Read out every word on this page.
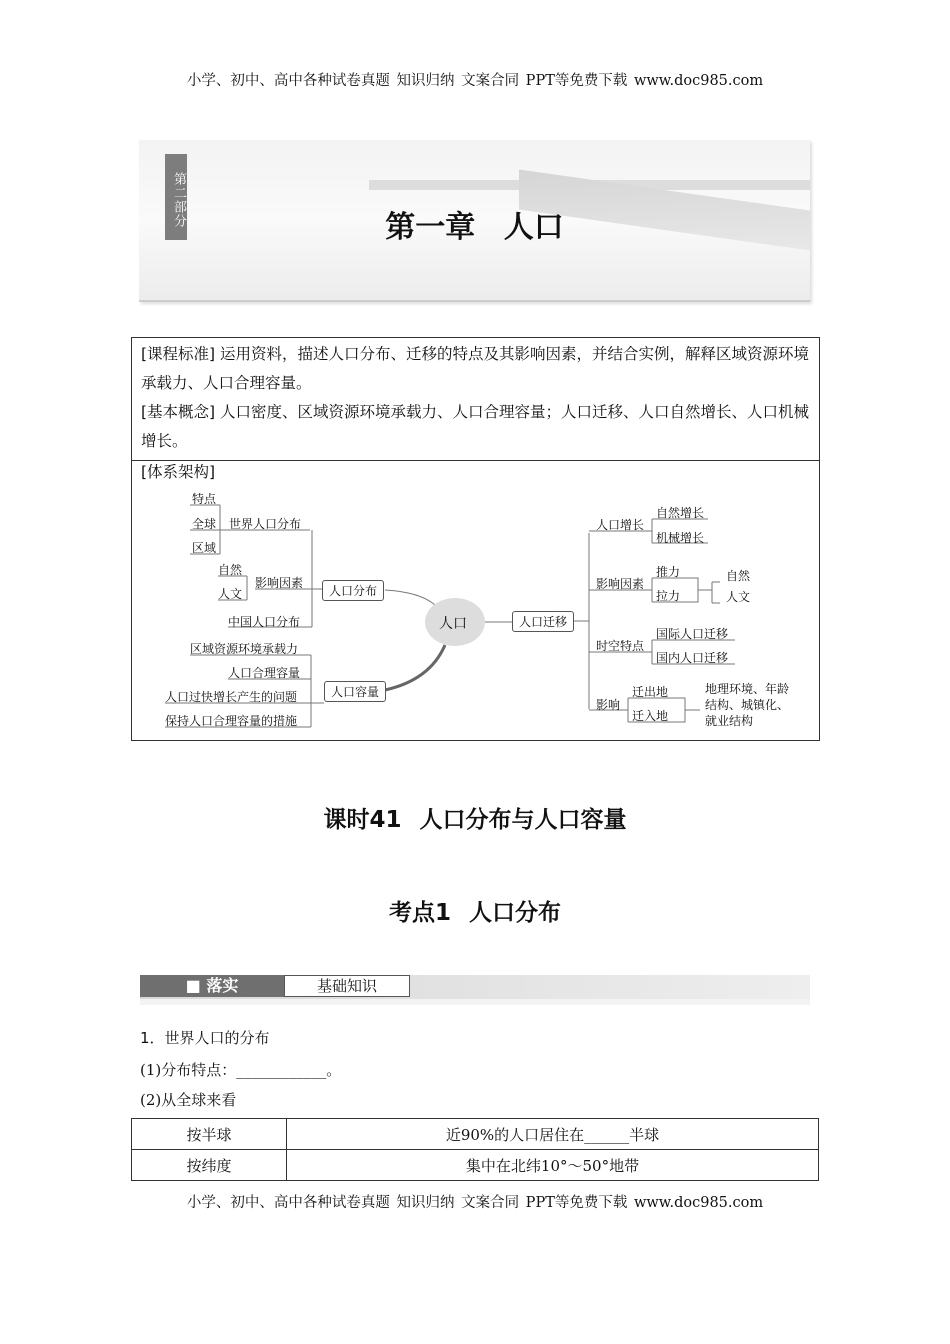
小学、初中、高中各种试卷真题 知识归纳 文案合同 PPT等免费下载 www.doc985.com
第二部分	第一章 人口
[课程标准] 运用资料，描述人口分布、迁移的特点及其影响因素，并结合实例，解释区域资源环境承载力、人口合理容量。
[基本概念] 人口密度、区域资源环境承载力、人口合理容量；人口迁移、人口自然增长、人口机械增长。
[体系架构]
人口
人口分布
人口容量
人口迁移
特点
全球
区域
世界人口分布
自然
人文
影响因素
中国人口分布
区域资源环境承载力
人口合理容量
人口过快增长产生的问题
保持人口合理容量的措施
人口增长
自然增长
机械增长
影响因素
推力
拉力
自然
人文
时空特点
国际人口迁移
国内人口迁移
影响
迁出地
迁入地
地理环境、年龄
结构、城镇化、
就业结构
课时41 人口分布与人口容量
考点1 人口分布
■ 落实	基础知识
1．世界人口的分布
(1)分布特点：____________。
(2)从全球来看
按半球	近90%的人口居住在______半球
按纬度	集中在北纬10°～50°地带
小学、初中、高中各种试卷真题 知识归纳 文案合同 PPT等免费下载 www.doc985.com
